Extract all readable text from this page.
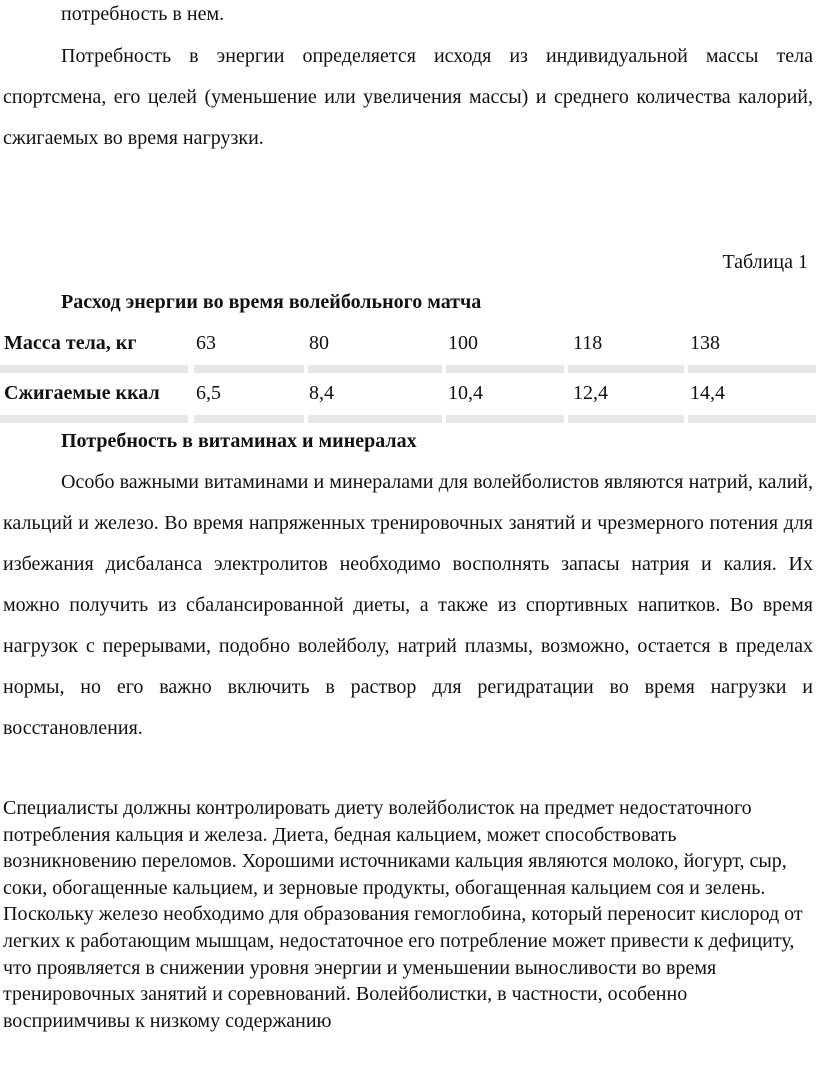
потребность в нем.

Потребность в энергии определяется исходя из индивидуальной массы тела спортсмена, его целей (уменьшение или увеличения массы) и среднего количества калорий, сжигаемых во время нагрузки.

Таблица 1

Расход энергии во время волейбольного матча

Масса тела, кг	63	80	100	118	138
Сжигаемые ккал 6,5	8,4	10,4	12,4	14,4

Потребность в витаминах и минералах

Особо важными витаминами и минералами для волейболистов являются натрий, калий, кальций и железо. Во время напряженных тренировочных занятий и чрезмерного потения для избежания дисбаланса электролитов необходимо восполнять запасы натрия и калия. Их можно получить из сбалансированной диеты, а также из спортивных напитков. Во время нагрузок с перерывами, подобно волейболу, натрий плазмы, возможно, остается в пределах нормы, но его важно включить в раствор для регидратации во время нагрузки и восстановления.

Специалисты должны контролировать диету волейболисток на предмет недостаточного потребления кальция и железа. Диета, бедная кальцием, может способствовать возникновению переломов. Хорошими источниками кальция являются молоко, йогурт, сыр, соки, обогащенные кальцием, и зерновые продукты, обогащенная кальцием соя и зелень. Поскольку железо необходимо для образования гемоглобина, который переносит кислород от легких к работающим мышцам, недостаточное его потребление может привести к дефициту, что проявляется в снижении уровня энергии и уменьшении выносливости во время тренировочных занятий и соревнований. Волейболистки, в частности, особенно восприимчивы к низкому содержанию
